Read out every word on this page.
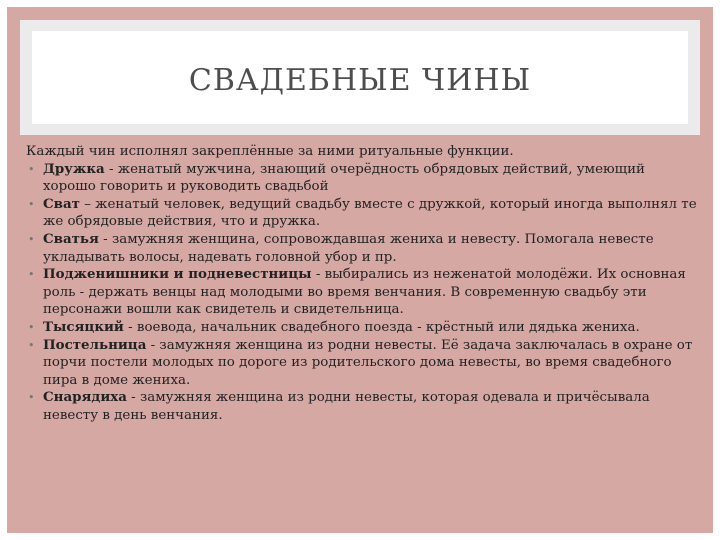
СВАДЕБНЫЕ ЧИНЫ

Каждый чин исполнял закреплённые за ними ритуальные функции.

• Дружка - женатый мужчина, знающий очерёдность обрядовых действий, умеющий хорошо говорить и руководить свадьбой
• Сват – женатый человек, ведущий свадьбу вместе с дружкой, который иногда выполнял те же обрядовые действия, что и дружка.
• Сватья - замужняя женщина, сопровождавшая жениха и невесту. Помогала невесте укладывать волосы, надевать головной убор и пр.
• Подженишники и подневестницы - выбирались из неженатой молодёжи. Их основная роль - держать венцы над молодыми во время венчания. В современную свадьбу эти персонажи вошли как свидетель и свидетельница.
• Тысяцкий - воевода, начальник свадебного поезда - крёстный или дядька жениха.
• Постельница - замужняя женщина из родни невесты. Её задача заключалась в охране от порчи постели молодых по дороге из родительского дома невесты, во время свадебного пира в доме жениха.
• Снарядиха - замужняя женщина из родни невесты, которая одевала и причёсывала невесту в день венчания.
